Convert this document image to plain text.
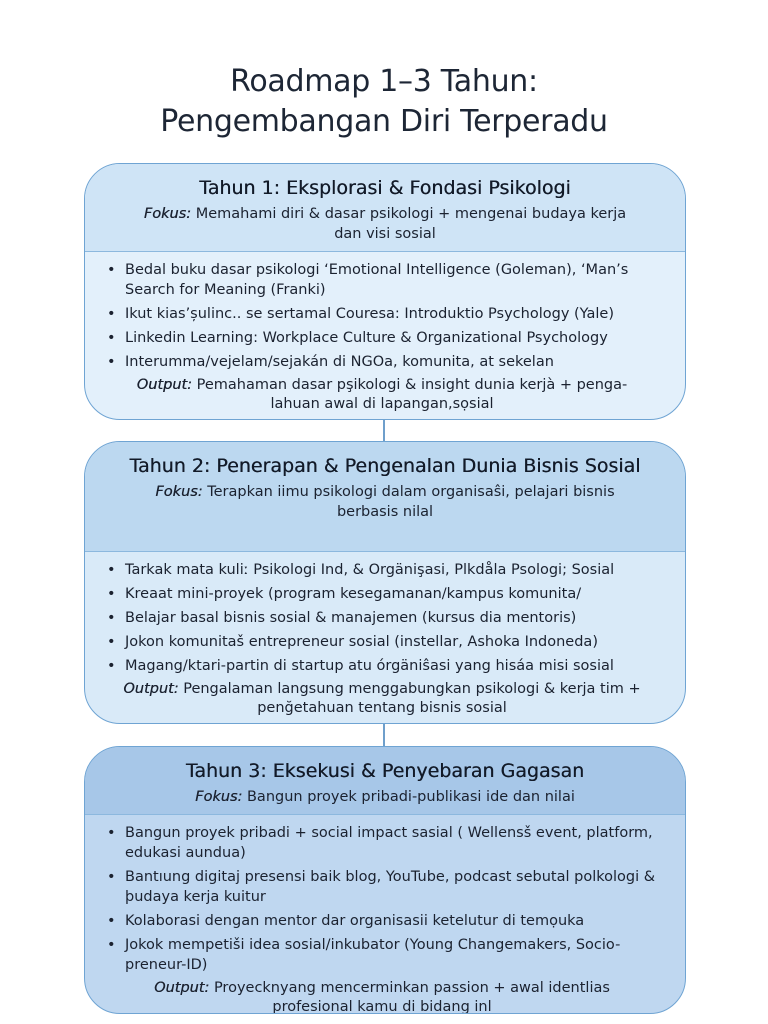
Roadmap 1–3 Tahun:
Pengembangan Diri Terperadu
Tahun 1: Eksplorasi & Fondasi Psikologi
Fokus: Memahami diri & dasar psikologi + mengenai budaya kerja dan visi sosial
• Bedal buku dasar psikologi ‘Emotional Intelligence (Goleman), ‘Man’s Search for Meaning (Franki)
• Ikut kias’șulinc.. se sertamal Couresa: Introduktio Psychology (Yale)
• Linkedin Learning: Workplace Culture & Organizational Psychology
• Interumma/vejelam/sejakán di NGOa, komunita, at sekelan
Output: Pemahaman dasar pşikologi & insight dunia kerjà + penga- lahuan awal di lapangan,sọsial
Tahun 2: Penerapan & Pengenalan Dunia Bisnis Sosial
Fokus: Terapkan iimu psikologi dalam organisaŝi, pelajari bisnis berbasis nilal
• Tarkak mata kuliː Psikologi Ind, & Orgänişasi, Plkdåla Psologi; Sosial
• Kreaat mini-proyek (program kesegamanan/kampus komunita/
• Belajar basal bisnis sosial & manajemen (kursus dia mentoris)
• Jokon komunitaš entrepreneur sosial (instellar, Ashoka Indoneda)
• Magang/ktari-partin di startup atu órgäniŝasi yang hisáa misi sosial
Output: Pengalaman langsung menggabungkan psikologi & kerja tim + penğetahuan tentang bisnis sosial
Tahun 3: Eksekusi & Penyebaran Gagasan
Fokus: Bangun proyek pribadi-publikasi ide dan nilai
• Bangun proyek pribadi + social impact sasial ( Wellensš event, platform, edukasi aundua)
• Bantıung digitaj presensi baik blog, YouTube, podcast sebutal polkologi & þudaya kerja kuitur
• Kolaborasi dengan mentor dar organisasii ketelutur di temọuka
• Jokok mempetiši idea sosial/inkubator (Young Changemakers, Socio- preneur-ID)
Output: Proyecknyang mencerminkan passion + awal identlias profesional kamu di bidang inl
